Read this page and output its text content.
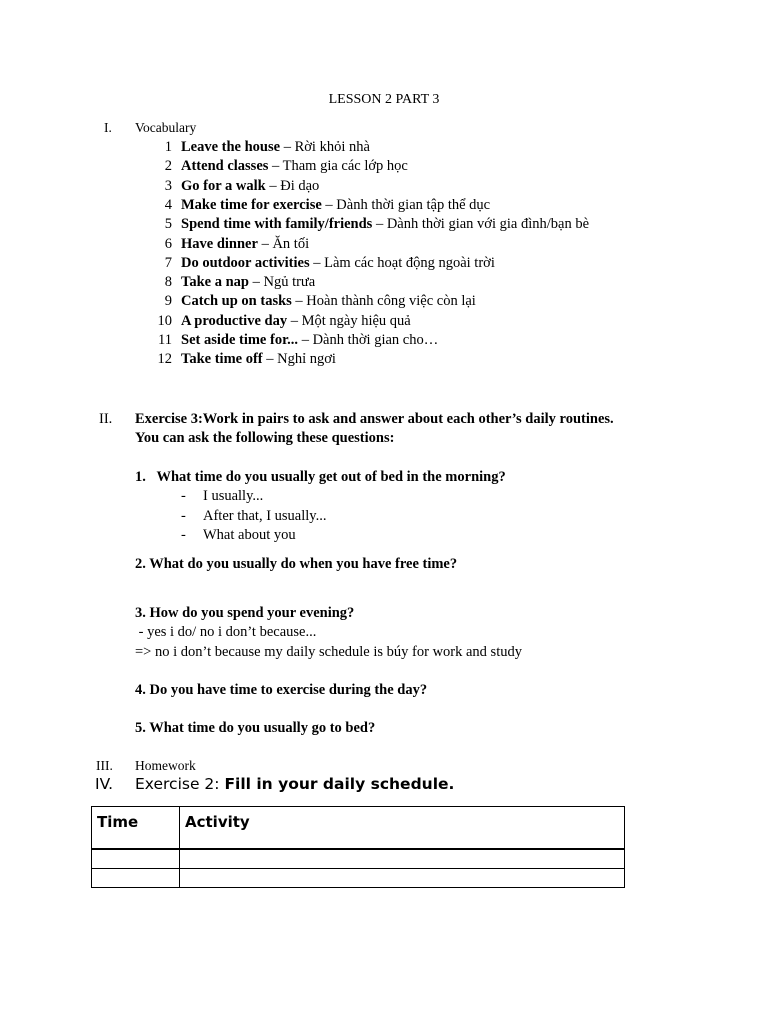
LESSON 2 PART 3
I. Vocabulary
1 Leave the house – Rời khỏi nhà
2 Attend classes – Tham gia các lớp học
3 Go for a walk – Đi dạo
4 Make time for exercise – Dành thời gian tập thể dục
5 Spend time with family/friends – Dành thời gian với gia đình/bạn bè
6 Have dinner – Ăn tối
7 Do outdoor activities – Làm các hoạt động ngoài trời
8 Take a nap – Ngủ trưa
9 Catch up on tasks – Hoàn thành công việc còn lại
10 A productive day – Một ngày hiệu quả
11 Set aside time for... – Dành thời gian cho…
12 Take time off – Nghỉ ngơi
II. Exercise 3:Work in pairs to ask and answer about each other’s daily routines.
You can ask the following these questions:
1.   What time do you usually get out of bed in the morning?
- I usually...
- After that, I usually...
- What about you
2. What do you usually do when you have free time?
3. How do you spend your evening?
- yes i do/ no i don’t because...
=> no i don’t because my daily schedule is búy for work and study
4. Do you have time to exercise during the day?
5. What time do you usually go to bed?
III. Homework
IV. Exercise 2: Fill in your daily schedule.
Time	Activity
